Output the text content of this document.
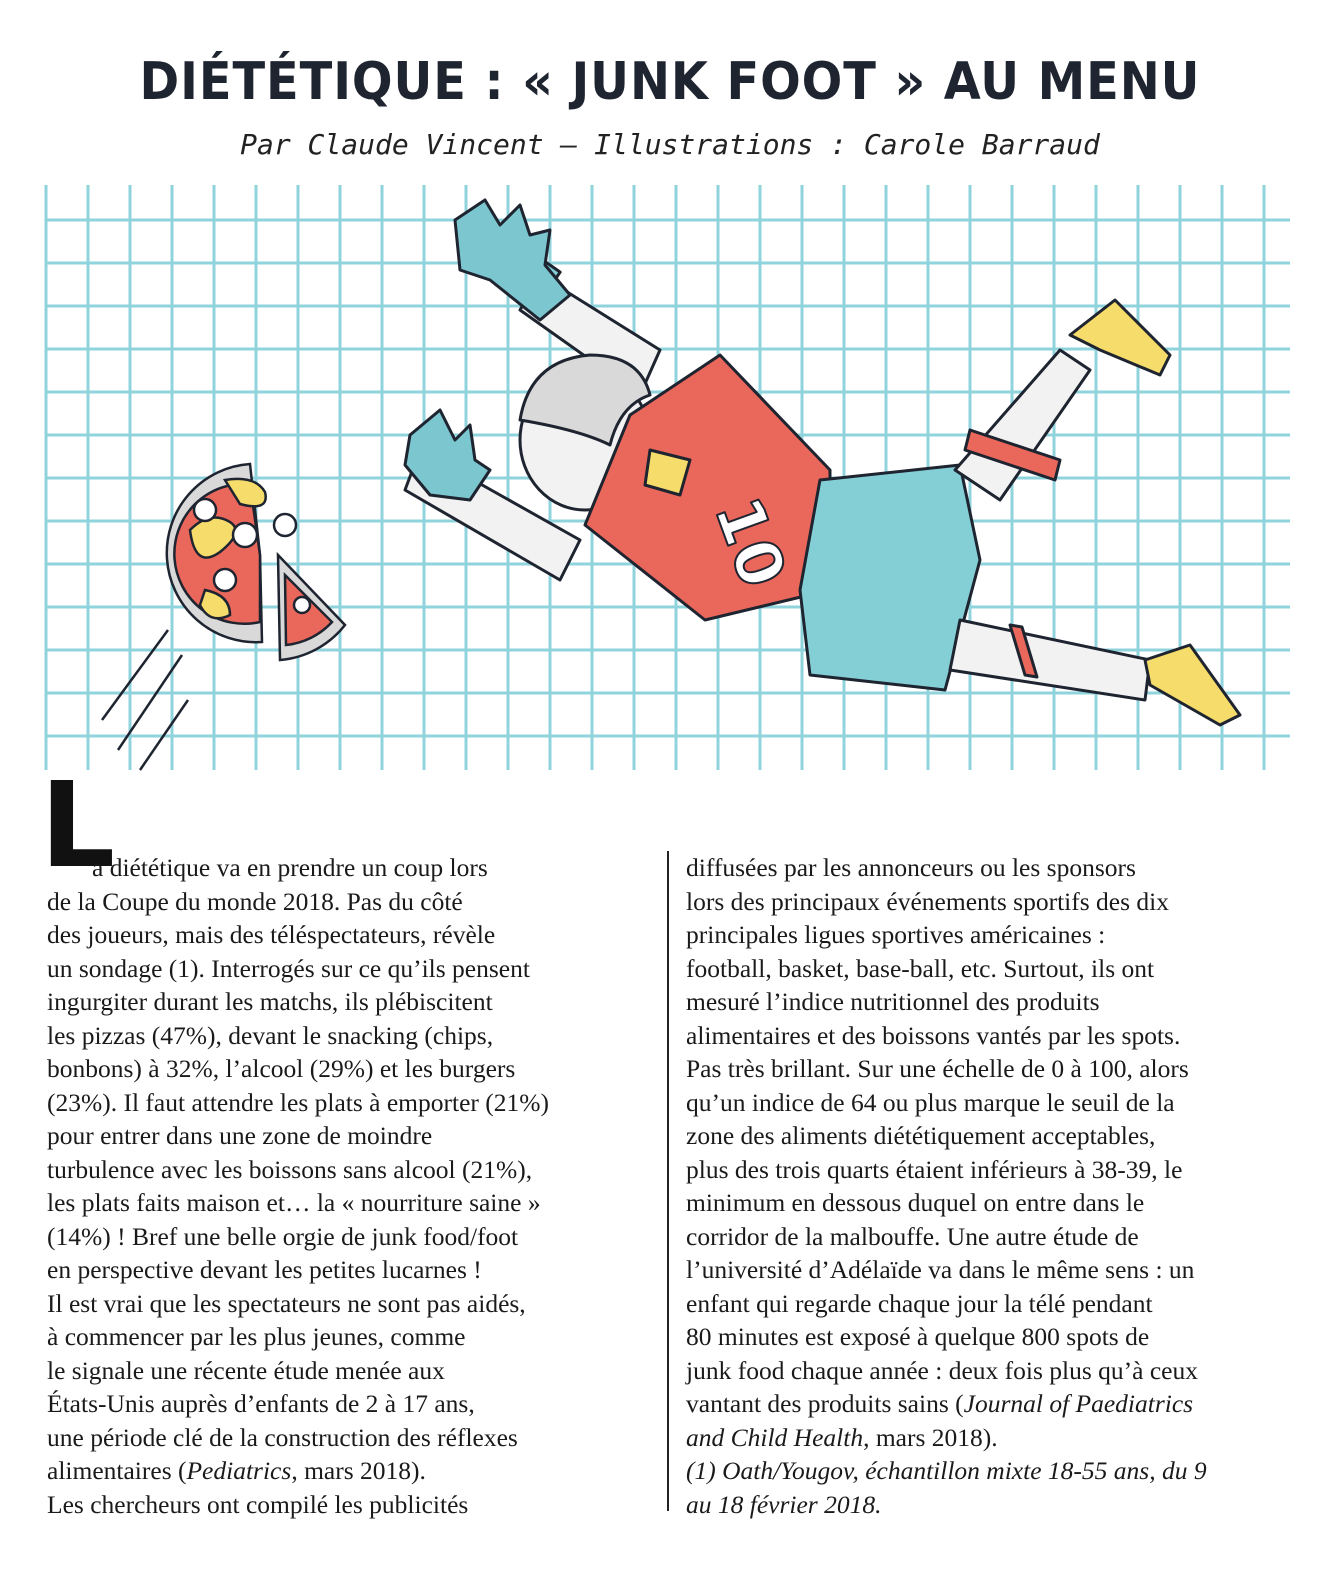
DIÉTÉTIQUE : « JUNK FOOT » AU MENU
Par Claude Vincent – Illustrations : Carole Barraud
10
L
a diététique va en prendre un coup lors
de la Coupe du monde 2018. Pas du côté
des joueurs, mais des téléspectateurs, révèle
un sondage (1). Interrogés sur ce qu’ils pensent
ingurgiter durant les matchs, ils plébiscitent
les pizzas (47%), devant le snacking (chips,
bonbons) à 32%, l’alcool (29%) et les burgers
(23%). Il faut attendre les plats à emporter (21%)
pour entrer dans une zone de moindre
turbulence avec les boissons sans alcool (21%),
les plats faits maison et… la « nourriture saine »
(14%) ! Bref une belle orgie de junk food/foot
en perspective devant les petites lucarnes !
Il est vrai que les spectateurs ne sont pas aidés,
à commencer par les plus jeunes, comme
le signale une récente étude menée aux
États-Unis auprès d’enfants de 2 à 17 ans,
une période clé de la construction des réflexes
alimentaires (Pediatrics, mars 2018).
Les chercheurs ont compilé les publicités
diffusées par les annonceurs ou les sponsors
lors des principaux événements sportifs des dix
principales ligues sportives américaines :
football, basket, base-ball, etc. Surtout, ils ont
mesuré l’indice nutritionnel des produits
alimentaires et des boissons vantés par les spots.
Pas très brillant. Sur une échelle de 0 à 100, alors
qu’un indice de 64 ou plus marque le seuil de la
zone des aliments diététiquement acceptables,
plus des trois quarts étaient inférieurs à 38-39, le
minimum en dessous duquel on entre dans le
corridor de la malbouffe. Une autre étude de
l’université d’Adélaïde va dans le même sens : un
enfant qui regarde chaque jour la télé pendant
80 minutes est exposé à quelque 800 spots de
junk food chaque année : deux fois plus qu’à ceux
vantant des produits sains (Journal of Paediatrics
and Child Health, mars 2018).
(1) Oath/Yougov, échantillon mixte 18-55 ans, du 9
au 18 février 2018.
